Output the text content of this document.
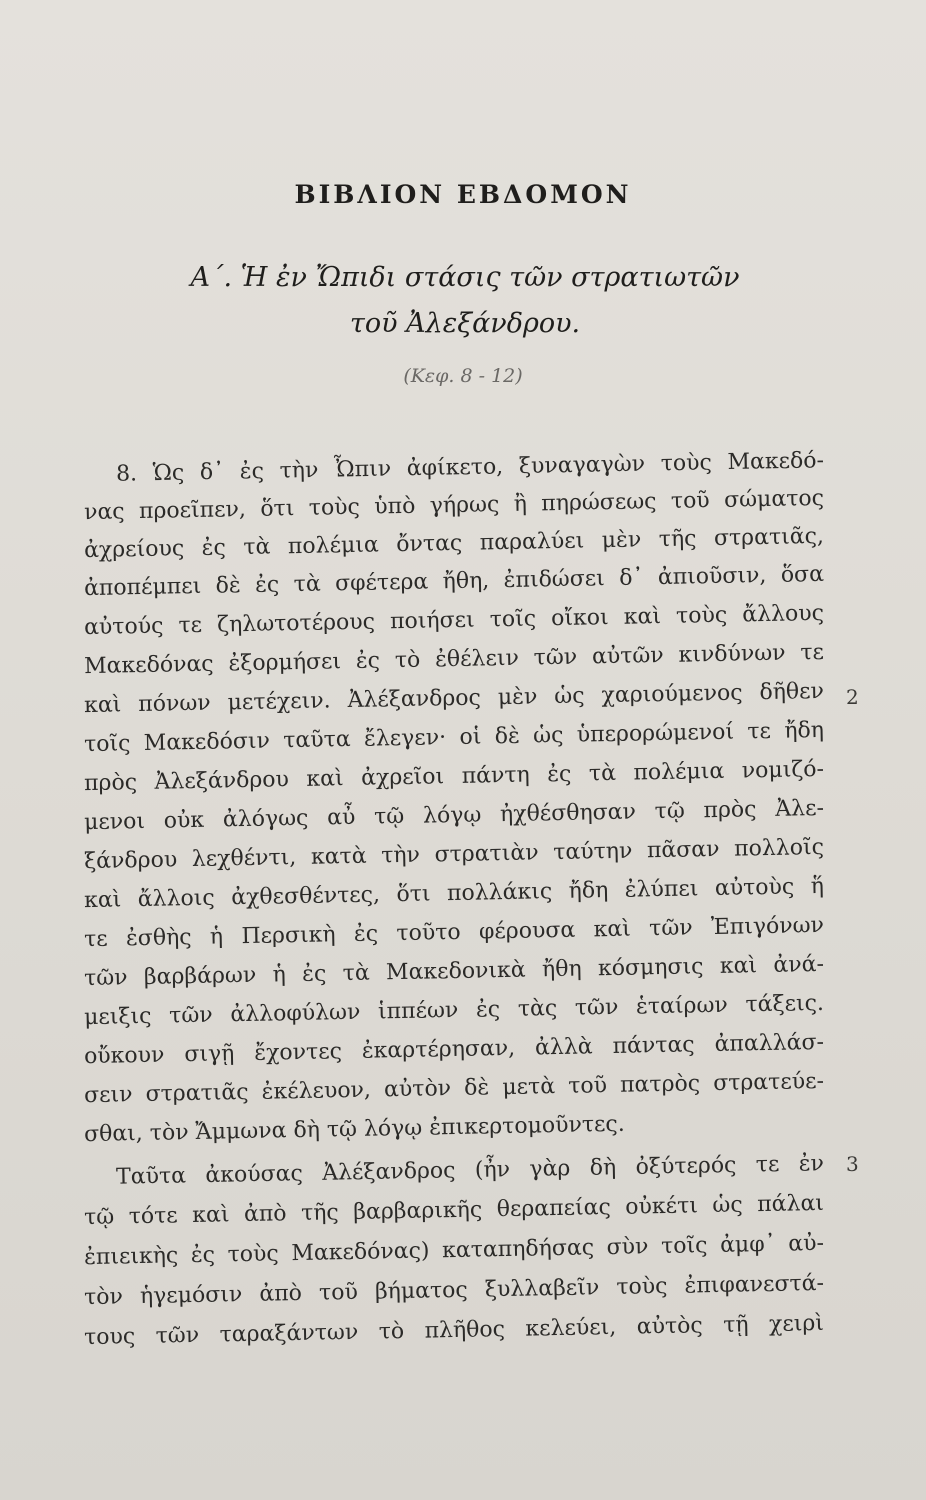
BIBΛΙΟΝ ΕΒΔΟΜΟΝ
Α΄. Ἡ ἐν Ὤπιδι στάσις τῶν στρατιωτῶν
τοῦ Ἀλεξάνδρου.
(Κεφ. 8 - 12)
8. Ὡς δ᾽ ἐς τὴν Ὦπιν ἀφίκετο, ξυναγαγὼν τοὺς Μακεδό-
νας προεῖπεν, ὅτι τοὺς ὑπὸ γήρως ἢ πηρώσεως τοῦ σώματος
ἀχρείους ἐς τὰ πολέμια ὄντας παραλύει μὲν τῆς στρατιᾶς,
ἀποπέμπει δὲ ἐς τὰ σφέτερα ἤθη, ἐπιδώσει δ᾽ ἀπιοῦσιν, ὅσα
αὐτούς τε ζηλωτοτέρους ποιήσει τοῖς οἴκοι καὶ τοὺς ἄλλους
Μακεδόνας ἐξορμήσει ἐς τὸ ἐθέλειν τῶν αὐτῶν κινδύνων τε
καὶ πόνων μετέχειν. Ἀλέξανδρος μὲν ὡς χαριούμενος δῆθεν
τοῖς Μακεδόσιν ταῦτα ἔλεγεν· οἱ δὲ ὡς ὑπερορώμενοί τε ἤδη
πρὸς Ἀλεξάνδρου καὶ ἀχρεῖοι πάντη ἐς τὰ πολέμια νομιζό-
μενοι οὐκ ἀλόγως αὖ τῷ λόγῳ ἠχθέσθησαν τῷ πρὸς Ἀλε-
ξάνδρου λεχθέντι, κατὰ τὴν στρατιὰν ταύτην πᾶσαν πολλοῖς
καὶ ἄλλοις ἀχθεσθέντες, ὅτι πολλάκις ἤδη ἐλύπει αὐτοὺς ἥ
τε ἐσθὴς ἡ Περσικὴ ἐς τοῦτο φέρουσα καὶ τῶν Ἐπιγόνων
τῶν βαρβάρων ἡ ἐς τὰ Μακεδονικὰ ἤθη κόσμησις καὶ ἀνά-
μειξις τῶν ἀλλοφύλων ἱππέων ἐς τὰς τῶν ἑταίρων τάξεις.
οὔκουν σιγῇ ἔχοντες ἐκαρτέρησαν, ἀλλὰ πάντας ἀπαλλάσ-
σειν στρατιᾶς ἐκέλευον, αὐτὸν δὲ μετὰ τοῦ πατρὸς στρατεύε-
σθαι, τὸν Ἄμμωνα δὴ τῷ λόγῳ ἐπικερτομοῦντες.
Ταῦτα ἀκούσας Ἀλέξανδρος (ἦν γὰρ δὴ ὀξύτερός τε ἐν
τῷ τότε καὶ ἀπὸ τῆς βαρβαρικῆς θεραπείας οὐκέτι ὡς πάλαι
ἐπιεικὴς ἐς τοὺς Μακεδόνας) καταπηδήσας σὺν τοῖς ἀμφ᾽ αὐ-
τὸν ἡγεμόσιν ἀπὸ τοῦ βήματος ξυλλαβεῖν τοὺς ἐπιφανεστά-
τους τῶν ταραξάντων τὸ πλῆθος κελεύει, αὐτὸς τῇ χειρὶ
2
3
